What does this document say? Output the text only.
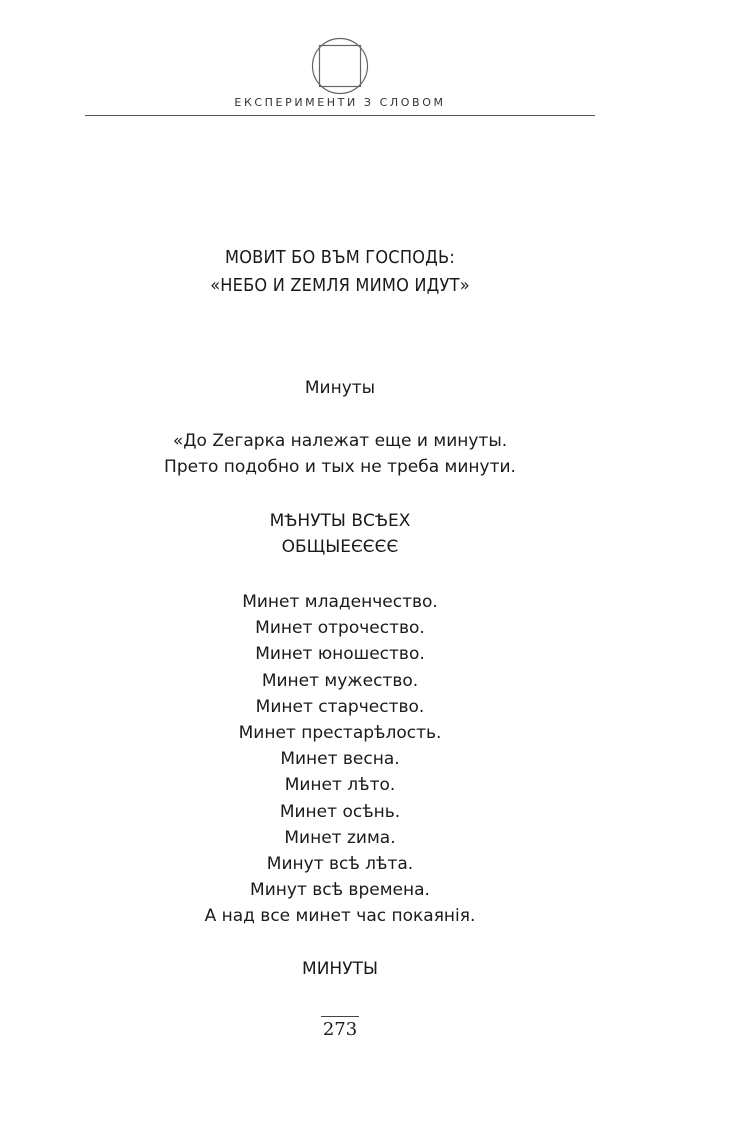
ЕКСПЕРИМЕНТИ З СЛОВОМ
МОВИТ БО ВЪМ ГОСПОДЬ:
«НЕБО И ZЕМЛЯ МИМО ИДУТ»
Минуты
«До Zегарка належат еще и минуты.
Прето подобно и тых не треба минути.
МѢНУТЫ ВСѢЕХ
ОБЩЫЕЄЄЄЄ
Минет младенчество.
Минет отрочество.
Минет юношество.
Минет мужество.
Минет старчество.
Минет престарѣлость.
Минет весна.
Минет лѣто.
Минет осѣнь.
Минет zима.
Минут всѣ лѣта.
Минут всѣ времена.
А над все минет час покаянія.
МИНУТЫ
273
